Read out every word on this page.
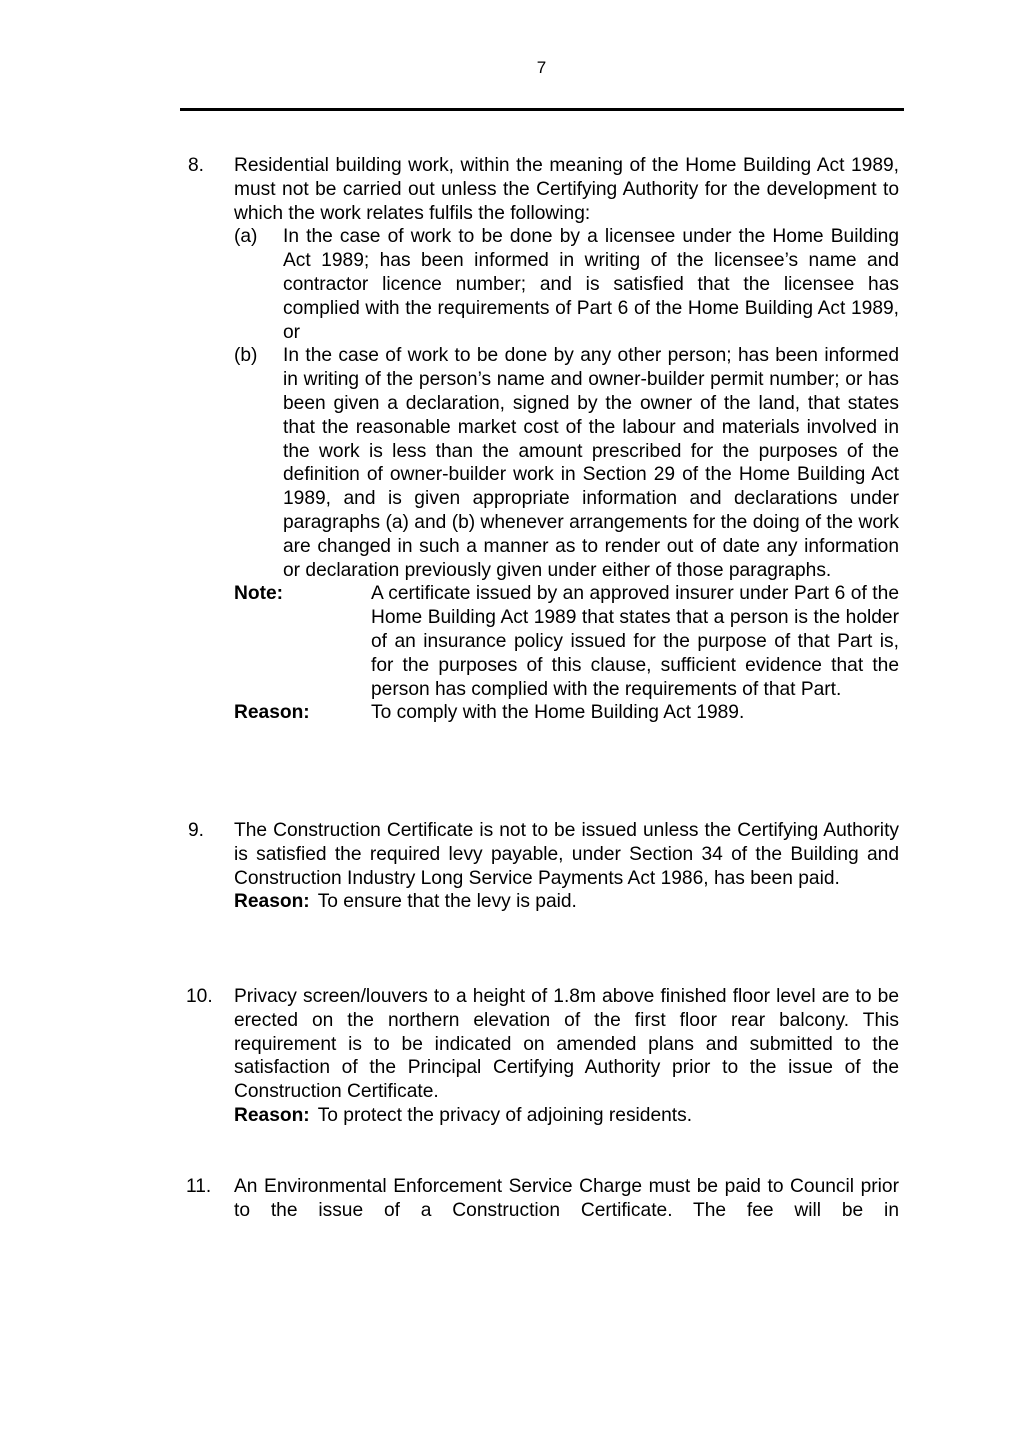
7
8.	Residential building work, within the meaning of the Home Building Act 1989, must not be carried out unless the Certifying Authority for the development to which the work relates fulfils the following:

(a)	In the case of work to be done by a licensee under the Home Building Act 1989; has been informed in writing of the licensee’s name and contractor licence number; and is satisfied that the licensee has complied with the requirements of Part 6 of the Home Building Act 1989, or
(b)	In the case of work to be done by any other person; has been informed in writing of the person’s name and owner-builder permit number; or has been given a declaration, signed by the owner of the land, that states that the reasonable market cost of the labour and materials involved in the work is less than the amount prescribed for the purposes of the definition of owner-builder work in Section 29 of the Home Building Act 1989, and is given appropriate information and declarations under paragraphs (a) and (b) whenever arrangements for the doing of the work are changed in such a manner as to render out of date any information or declaration previously given under either of those paragraphs.
Note:	A certificate issued by an approved insurer under Part 6 of the Home Building Act 1989 that states that a person is the holder of an insurance policy issued for the purpose of that Part is, for the purposes of this clause, sufficient evidence that the person has complied with the requirements of that Part.
Reason:	To comply with the Home Building Act 1989.
9.	The Construction Certificate is not to be issued unless the Certifying Authority is satisfied the required levy payable, under Section 34 of the Building and Construction Industry Long Service Payments Act 1986, has been paid.

Reason: To ensure that the levy is paid.

10.	Privacy screen/louvers to a height of 1.8m above finished floor level are to be erected on the northern elevation of the first floor rear balcony. This requirement is to be indicated on amended plans and submitted to the satisfaction of the Principal Certifying Authority prior to the issue of the Construction Certificate.

Reason: To protect the privacy of adjoining residents.

11.	An Environmental Enforcement Service Charge must be paid to Council prior to the issue of a Construction Certificate. The fee will be in
